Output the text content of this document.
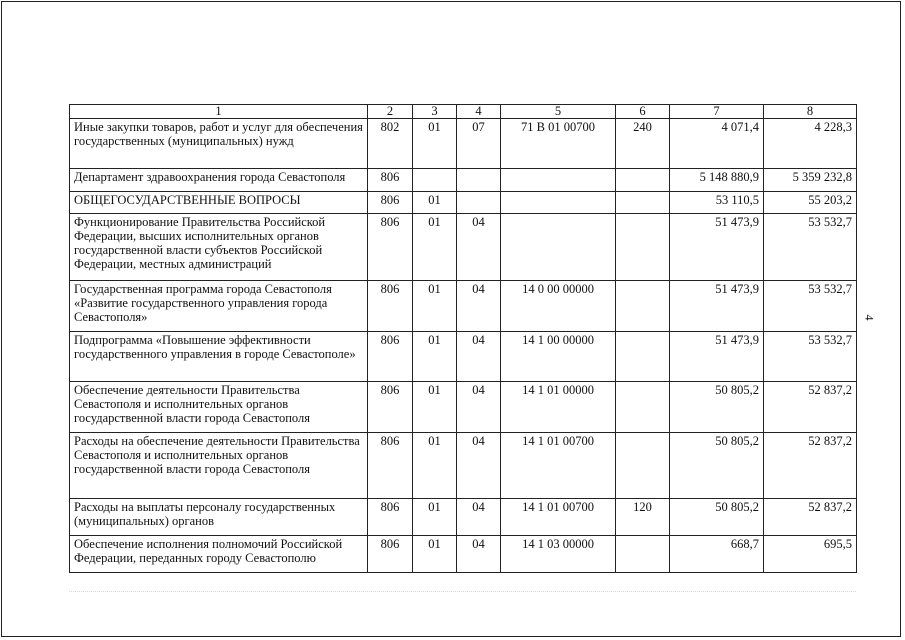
1	2	3	4	5	6	7	8
Иные закупки товаров, работ и услуг для обеспечения государственных (муниципальных) нужд	802	01	07	71 В 01 00700	240	4 071,4	4 228,3
Департамент здравоохранения города Севастополя	806					5 148 880,9	5 359 232,8
ОБЩЕГОСУДАРСТВЕННЫЕ ВОПРОСЫ	806	01				53 110,5	55 203,2
Функционирование Правительства Российской Федерации, высших исполнительных органов государственной власти субъектов Российской Федерации, местных администраций	806	01	04			51 473,9	53 532,7
Государственная программа города Севастополя «Развитие государственного управления города Севастополя»	806	01	04	14 0 00 00000		51 473,9	53 532,7
Подпрограмма «Повышение эффективности государственного управления в городе Севастополе»	806	01	04	14 1 00 00000		51 473,9	53 532,7
Обеспечение деятельности Правительства Севастополя и исполнительных органов государственной власти города Севастополя	806	01	04	14 1 01 00000		50 805,2	52 837,2
Расходы на обеспечение деятельности Правительства Севастополя и исполнительных органов государственной власти города Севастополя	806	01	04	14 1 01 00700		50 805,2	52 837,2
Расходы на выплаты персоналу государственных (муниципальных) органов	806	01	04	14 1 01 00700	120	50 805,2	52 837,2
Обеспечение исполнения полномочий Российской Федерации, переданных городу Севастополю	806	01	04	14 1 03 00000		668,7	695,5
4
